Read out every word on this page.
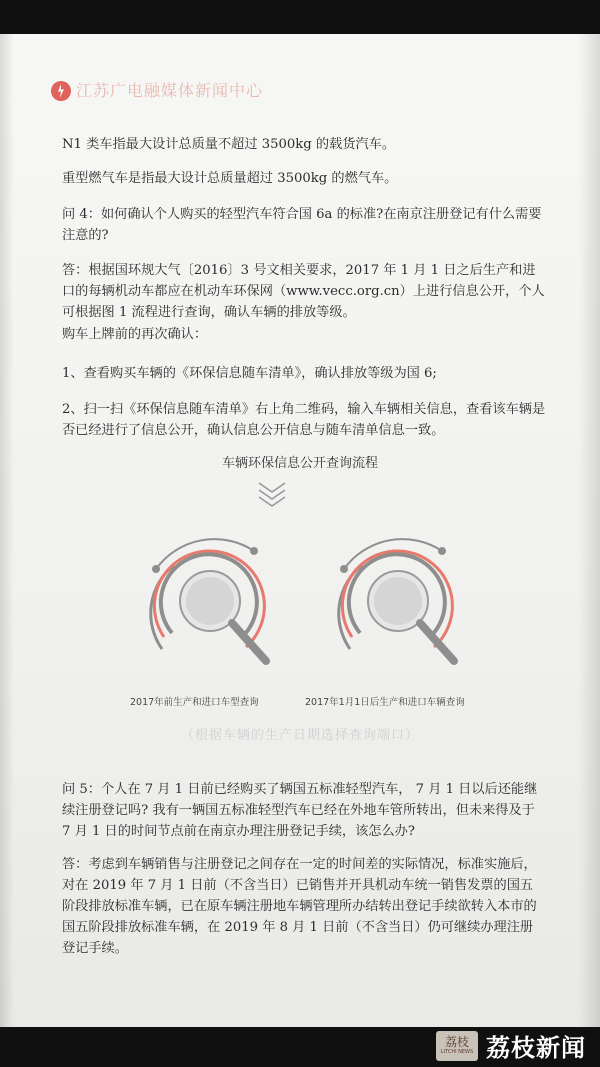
江苏广电融媒体新闻中心
N1 类车指最大设计总质量不超过 3500kg 的载货汽车。
重型燃气车是指最大设计总质量超过 3500kg 的燃气车。
问 4：如何确认个人购买的轻型汽车符合国 6a 的标准?在南京注册登记有什么需要注意的?
答：根据国环规大气〔2016〕3 号文相关要求，2017 年 1 月 1 日之后生产和进口的每辆机动车都应在机动车环保网（www.vecc.org.cn）上进行信息公开，个人可根据图 1 流程进行查询，确认车辆的排放等级。
购车上牌前的再次确认：
1、查看购买车辆的《环保信息随车清单》，确认排放等级为国 6;
2、扫一扫《环保信息随车清单》右上角二维码，输入车辆相关信息，查看该车辆是否已经进行了信息公开，确认信息公开信息与随车清单信息一致。
车辆环保信息公开查询流程
2017年前生产和进口车型查询	2017年1月1日后生产和进口车辆查询
（根据车辆的生产日期选择查询端口）
问 5：个人在 7 月 1 日前已经购买了辆国五标准轻型汽车， 7 月 1 日以后还能继续注册登记吗? 我有一辆国五标准轻型汽车已经在外地车管所转出，但未来得及于 7 月 1 日的时间节点前在南京办理注册登记手续，该怎么办?
答：考虑到车辆销售与注册登记之间存在一定的时间差的实际情况，标准实施后，对在 2019 年 7 月 1 日前（不含当日）已销售并开具机动车统一销售发票的国五阶段排放标准车辆，已在原车辆注册地车辆管理所办结转出登记手续欲转入本市的国五阶段排放标准车辆，在 2019 年 8 月 1 日前（不含当日）仍可继续办理注册登记手续。
荔枝
LITCHI NEWS 荔枝新闻
